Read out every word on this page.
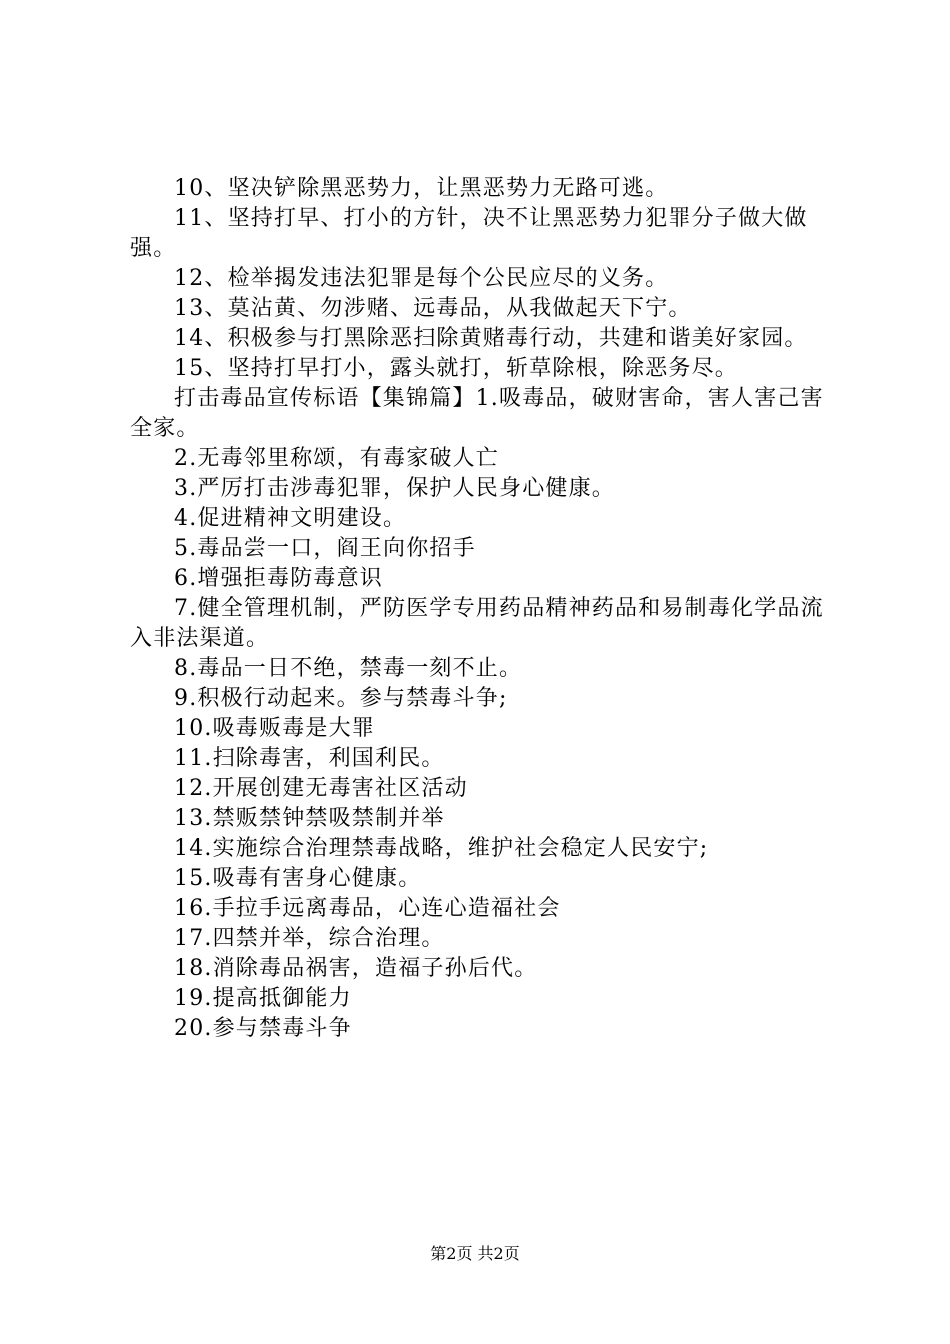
10、坚决铲除黑恶势力，让黑恶势力无路可逃。

11、坚持打早、打小的方针，决不让黑恶势力犯罪分子做大做强。

12、检举揭发违法犯罪是每个公民应尽的义务。

13、莫沾黄、勿涉赌、远毒品，从我做起天下宁。

14、积极参与打黑除恶扫除黄赌毒行动，共建和谐美好家园。

15、坚持打早打小，露头就打，斩草除根，除恶务尽。

打击毒品宣传标语【集锦篇】1.吸毒品，破财害命，害人害己害全家。

2.无毒邻里称颂，有毒家破人亡

3.严厉打击涉毒犯罪，保护人民身心健康。

4.促进精神文明建设。

5.毒品尝一口，阎王向你招手

6.增强拒毒防毒意识

7.健全管理机制，严防医学专用药品精神药品和易制毒化学品流入非法渠道。

8.毒品一日不绝，禁毒一刻不止。

9.积极行动起来。参与禁毒斗争;

10.吸毒贩毒是大罪

11.扫除毒害，利国利民。

12.开展创建无毒害社区活动

13.禁贩禁钟禁吸禁制并举

14.实施综合治理禁毒战略，维护社会稳定人民安宁;

15.吸毒有害身心健康。

16.手拉手远离毒品，心连心造福社会

17.四禁并举，综合治理。

18.消除毒品祸害，造福子孙后代。

19.提高抵御能力

20.参与禁毒斗争

第2页 共2页
